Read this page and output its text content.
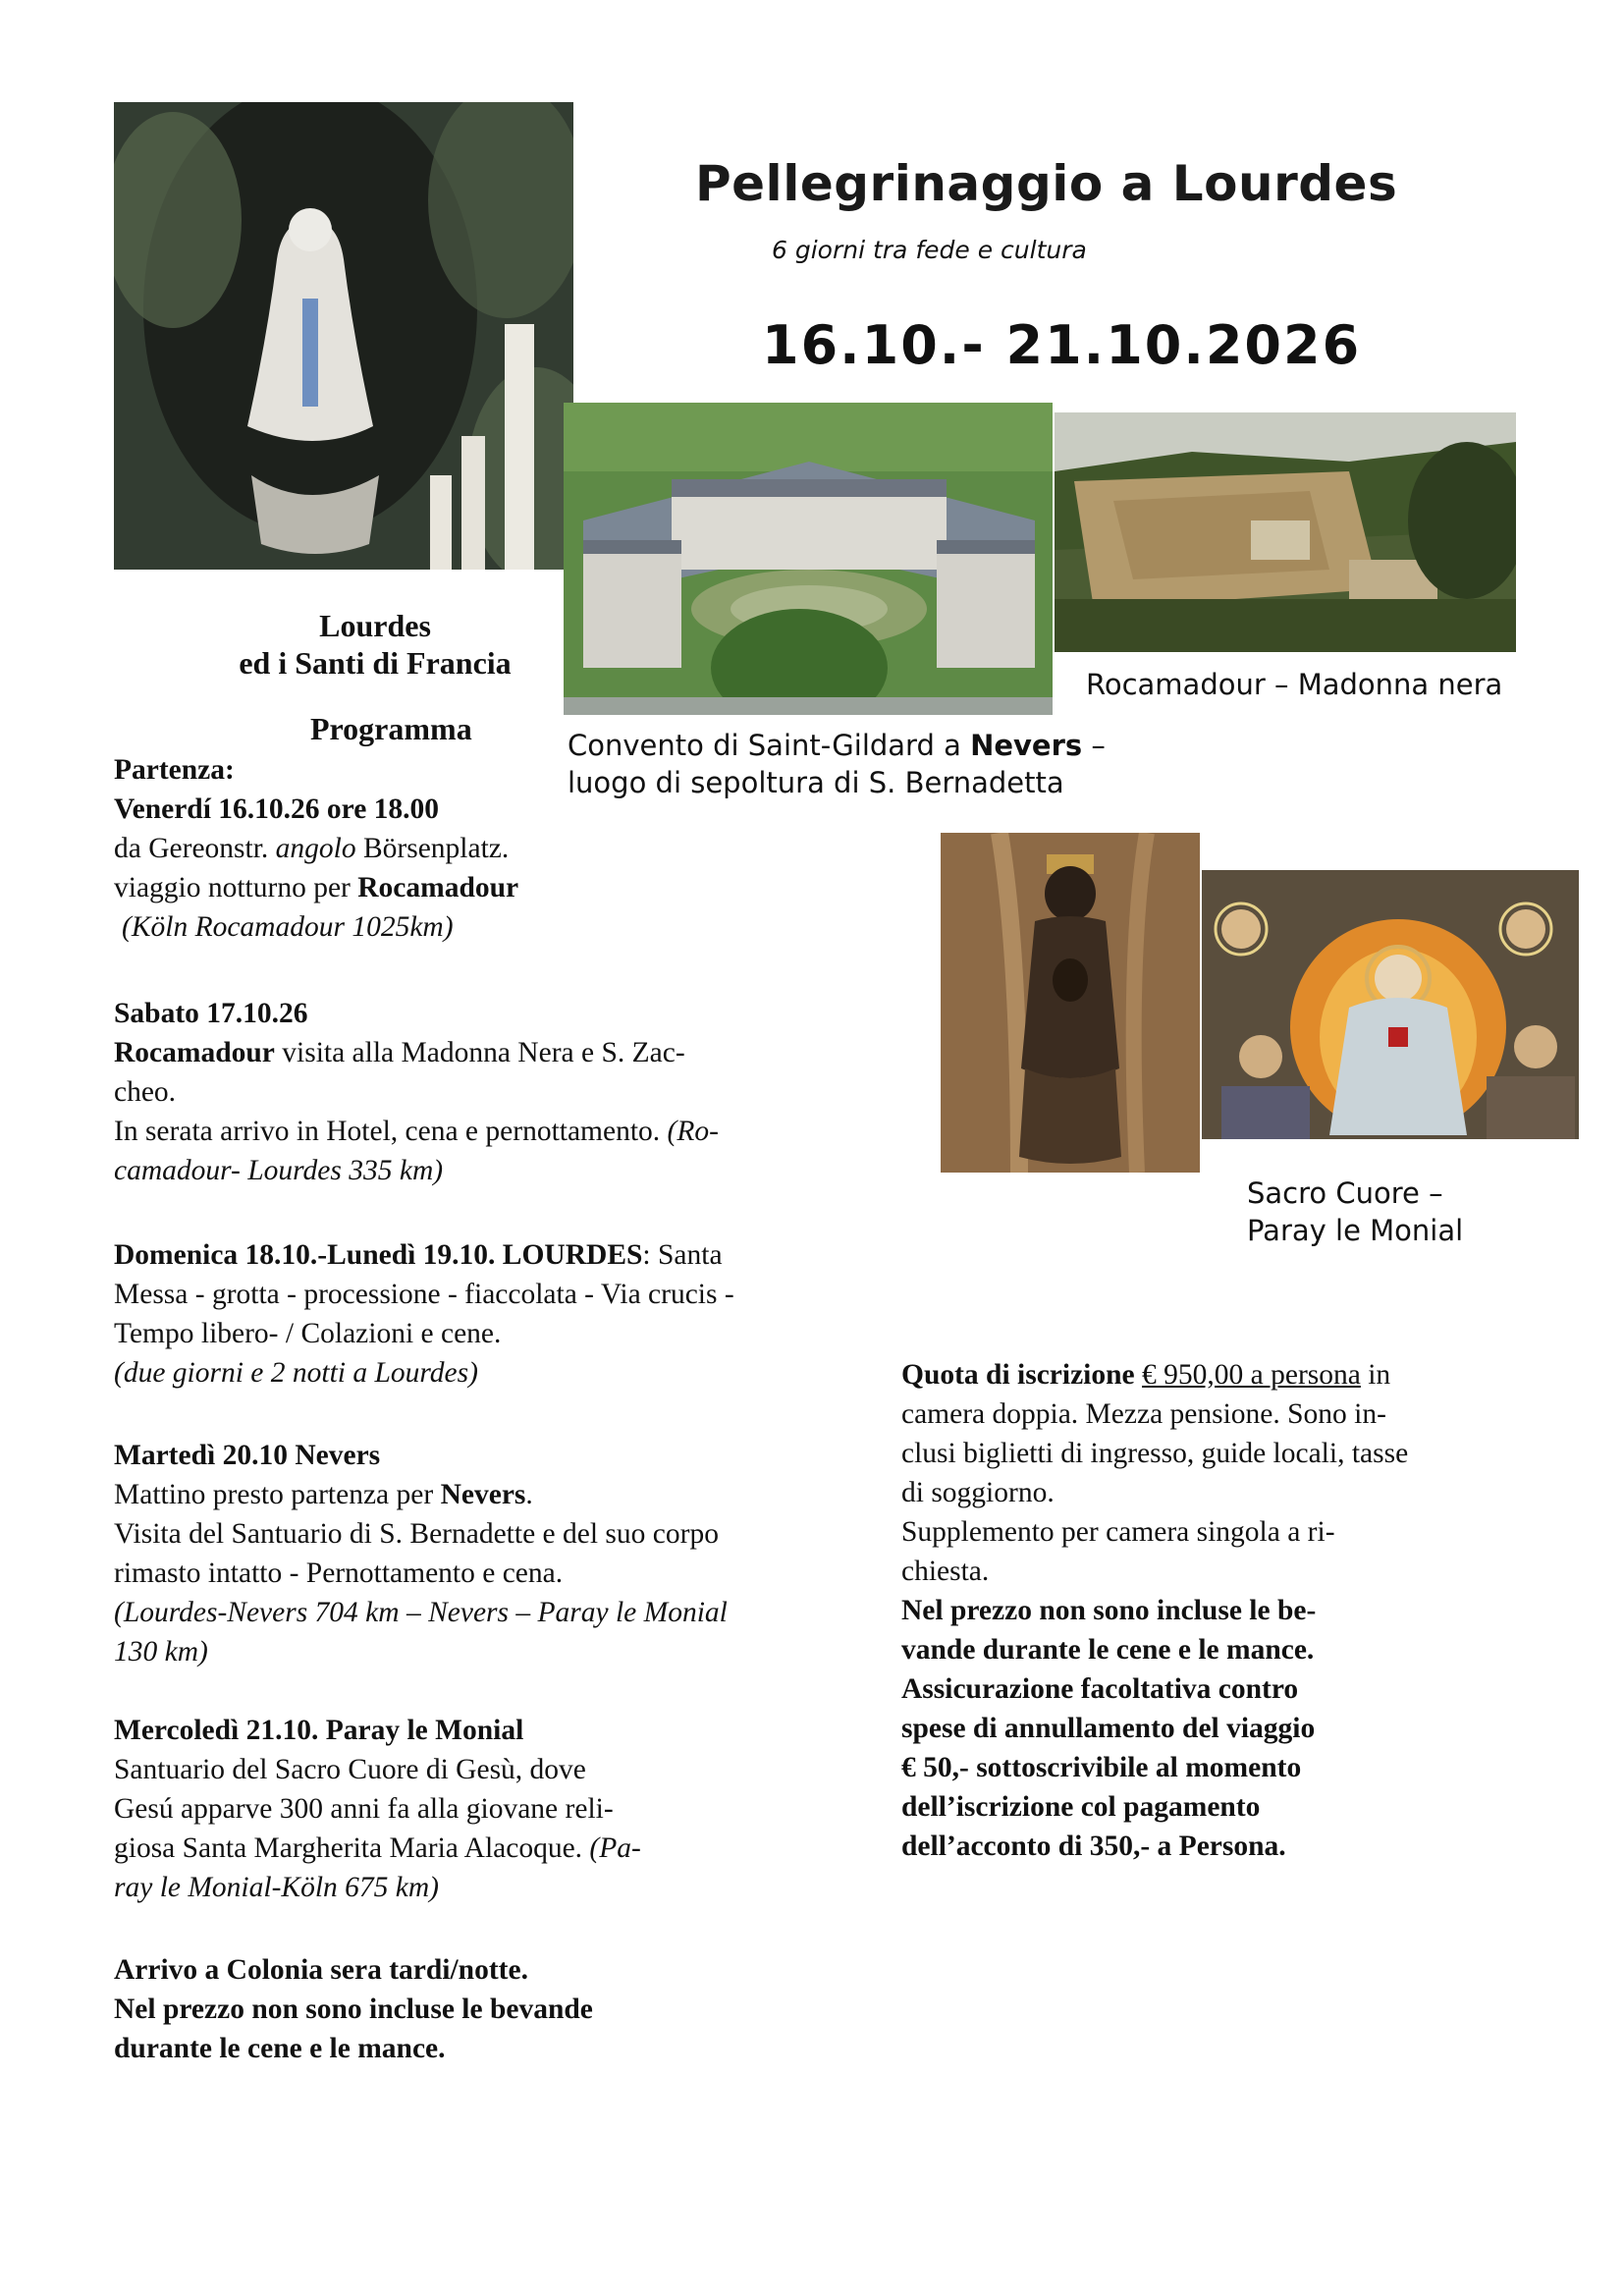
Pellegrinaggio a Lourdes
6 giorni tra fede e cultura
16.10.- 21.10.2026
Lourdes
ed i Santi di Francia
Convento di Saint-Gildard a Nevers –
luogo di sepoltura di S. Bernadetta
Rocamadour – Madonna nera
Sacro Cuore –
Paray le Monial
Programma
Partenza:
Venerdí 16.10.26 ore 18.00
da Gereonstr. angolo Börsenplatz.
viaggio notturno per Rocamadour
(Köln Rocamadour 1025km)
Sabato 17.10.26
Rocamadour visita alla Madonna Nera e S. Zac-
cheo.
In serata arrivo in Hotel, cena e pernottamento. (Ro-
camadour- Lourdes 335 km)
Domenica 18.10.-Lunedì 19.10. LOURDES: Santa
Messa - grotta - processione - fiaccolata - Via crucis -
Tempo libero- / Colazioni e cene.
(due giorni e 2 notti a Lourdes)
Martedì 20.10 Nevers
Mattino presto partenza per Nevers.
Visita del Santuario di S. Bernadette e del suo corpo
rimasto intatto - Pernottamento e cena.
(Lourdes-Nevers 704 km – Nevers – Paray le Monial
130 km)
Mercoledì 21.10. Paray le Monial
Santuario del Sacro Cuore di Gesù, dove
Gesú apparve 300 anni fa alla giovane reli-
giosa Santa Margherita Maria Alacoque. (Pa-
ray le Monial-Köln 675 km)
Arrivo a Colonia sera tardi/notte.
Nel prezzo non sono incluse le bevande
durante le cene e le mance.
Quota di iscrizione € 950,00 a persona in
camera doppia. Mezza pensione. Sono in-
clusi biglietti di ingresso, guide locali, tasse
di soggiorno.
Supplemento per camera singola a ri-
chiesta.
Nel prezzo non sono incluse le be-
vande durante le cene e le mance.
Assicurazione facoltativa contro
spese di annullamento del viaggio
€ 50,- sottoscrivibile al momento
dell’iscrizione col pagamento
dell’acconto di 350,- a Persona.
